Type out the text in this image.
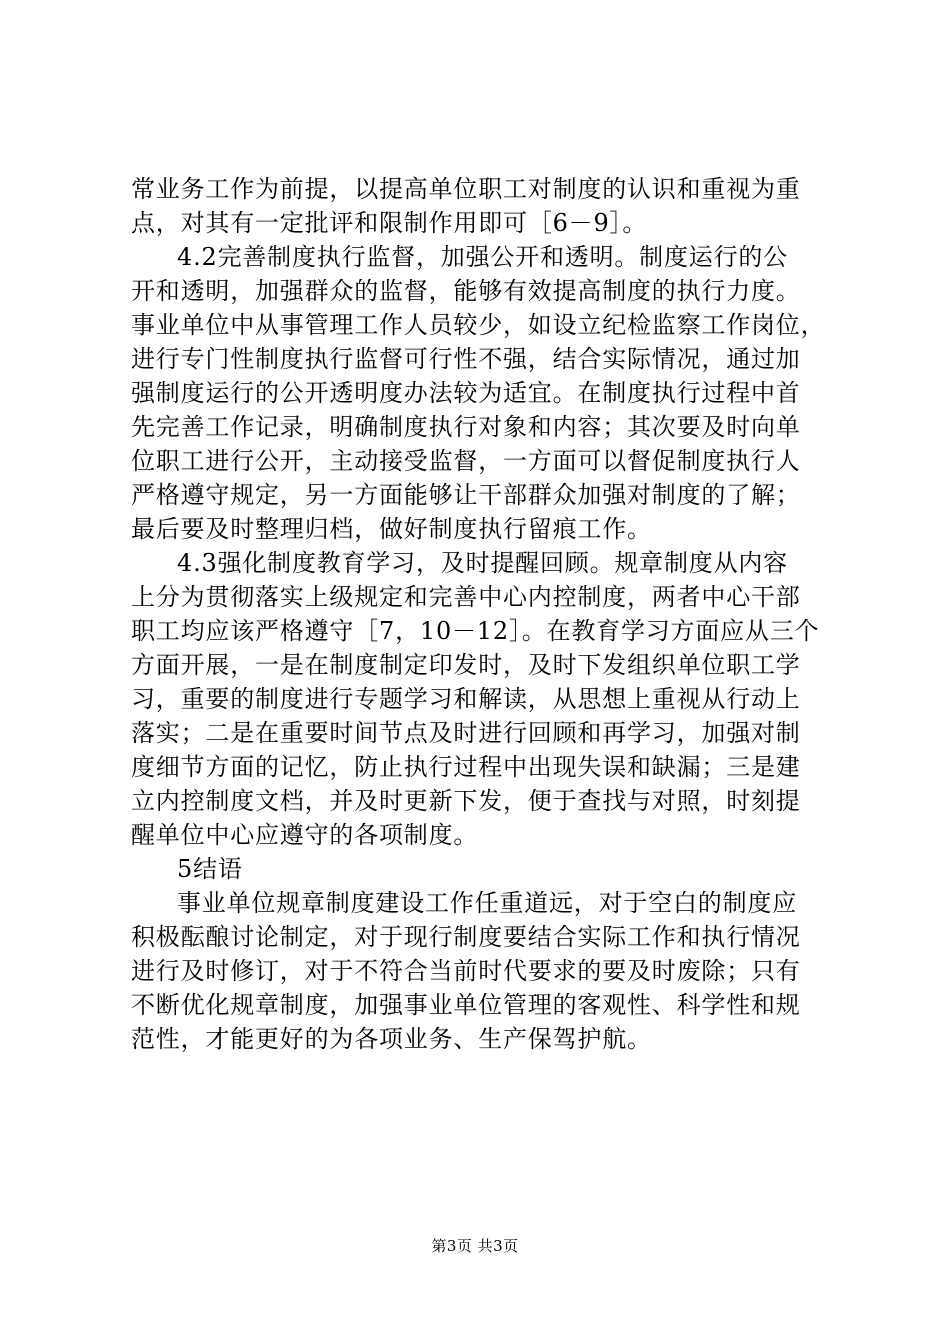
常业务工作为前提，以提高单位职工对制度的认识和重视为重
点，对其有一定批评和限制作用即可［6－9］。
4.2完善制度执行监督，加强公开和透明。制度运行的公
开和透明，加强群众的监督，能够有效提高制度的执行力度。
事业单位中从事管理工作人员较少，如设立纪检监察工作岗位，
进行专门性制度执行监督可行性不强，结合实际情况，通过加
强制度运行的公开透明度办法较为适宜。在制度执行过程中首
先完善工作记录，明确制度执行对象和内容；其次要及时向单
位职工进行公开，主动接受监督，一方面可以督促制度执行人
严格遵守规定，另一方面能够让干部群众加强对制度的了解；
最后要及时整理归档，做好制度执行留痕工作。
4.3强化制度教育学习，及时提醒回顾。规章制度从内容
上分为贯彻落实上级规定和完善中心内控制度，两者中心干部
职工均应该严格遵守［7，10－12］。在教育学习方面应从三个
方面开展，一是在制度制定印发时，及时下发组织单位职工学
习，重要的制度进行专题学习和解读，从思想上重视从行动上
落实；二是在重要时间节点及时进行回顾和再学习，加强对制
度细节方面的记忆，防止执行过程中出现失误和缺漏；三是建
立内控制度文档，并及时更新下发，便于查找与对照，时刻提
醒单位中心应遵守的各项制度。
5结语
事业单位规章制度建设工作任重道远，对于空白的制度应
积极酝酿讨论制定，对于现行制度要结合实际工作和执行情况
进行及时修订，对于不符合当前时代要求的要及时废除；只有
不断优化规章制度，加强事业单位管理的客观性、科学性和规
范性，才能更好的为各项业务、生产保驾护航。
第3页 共3页
